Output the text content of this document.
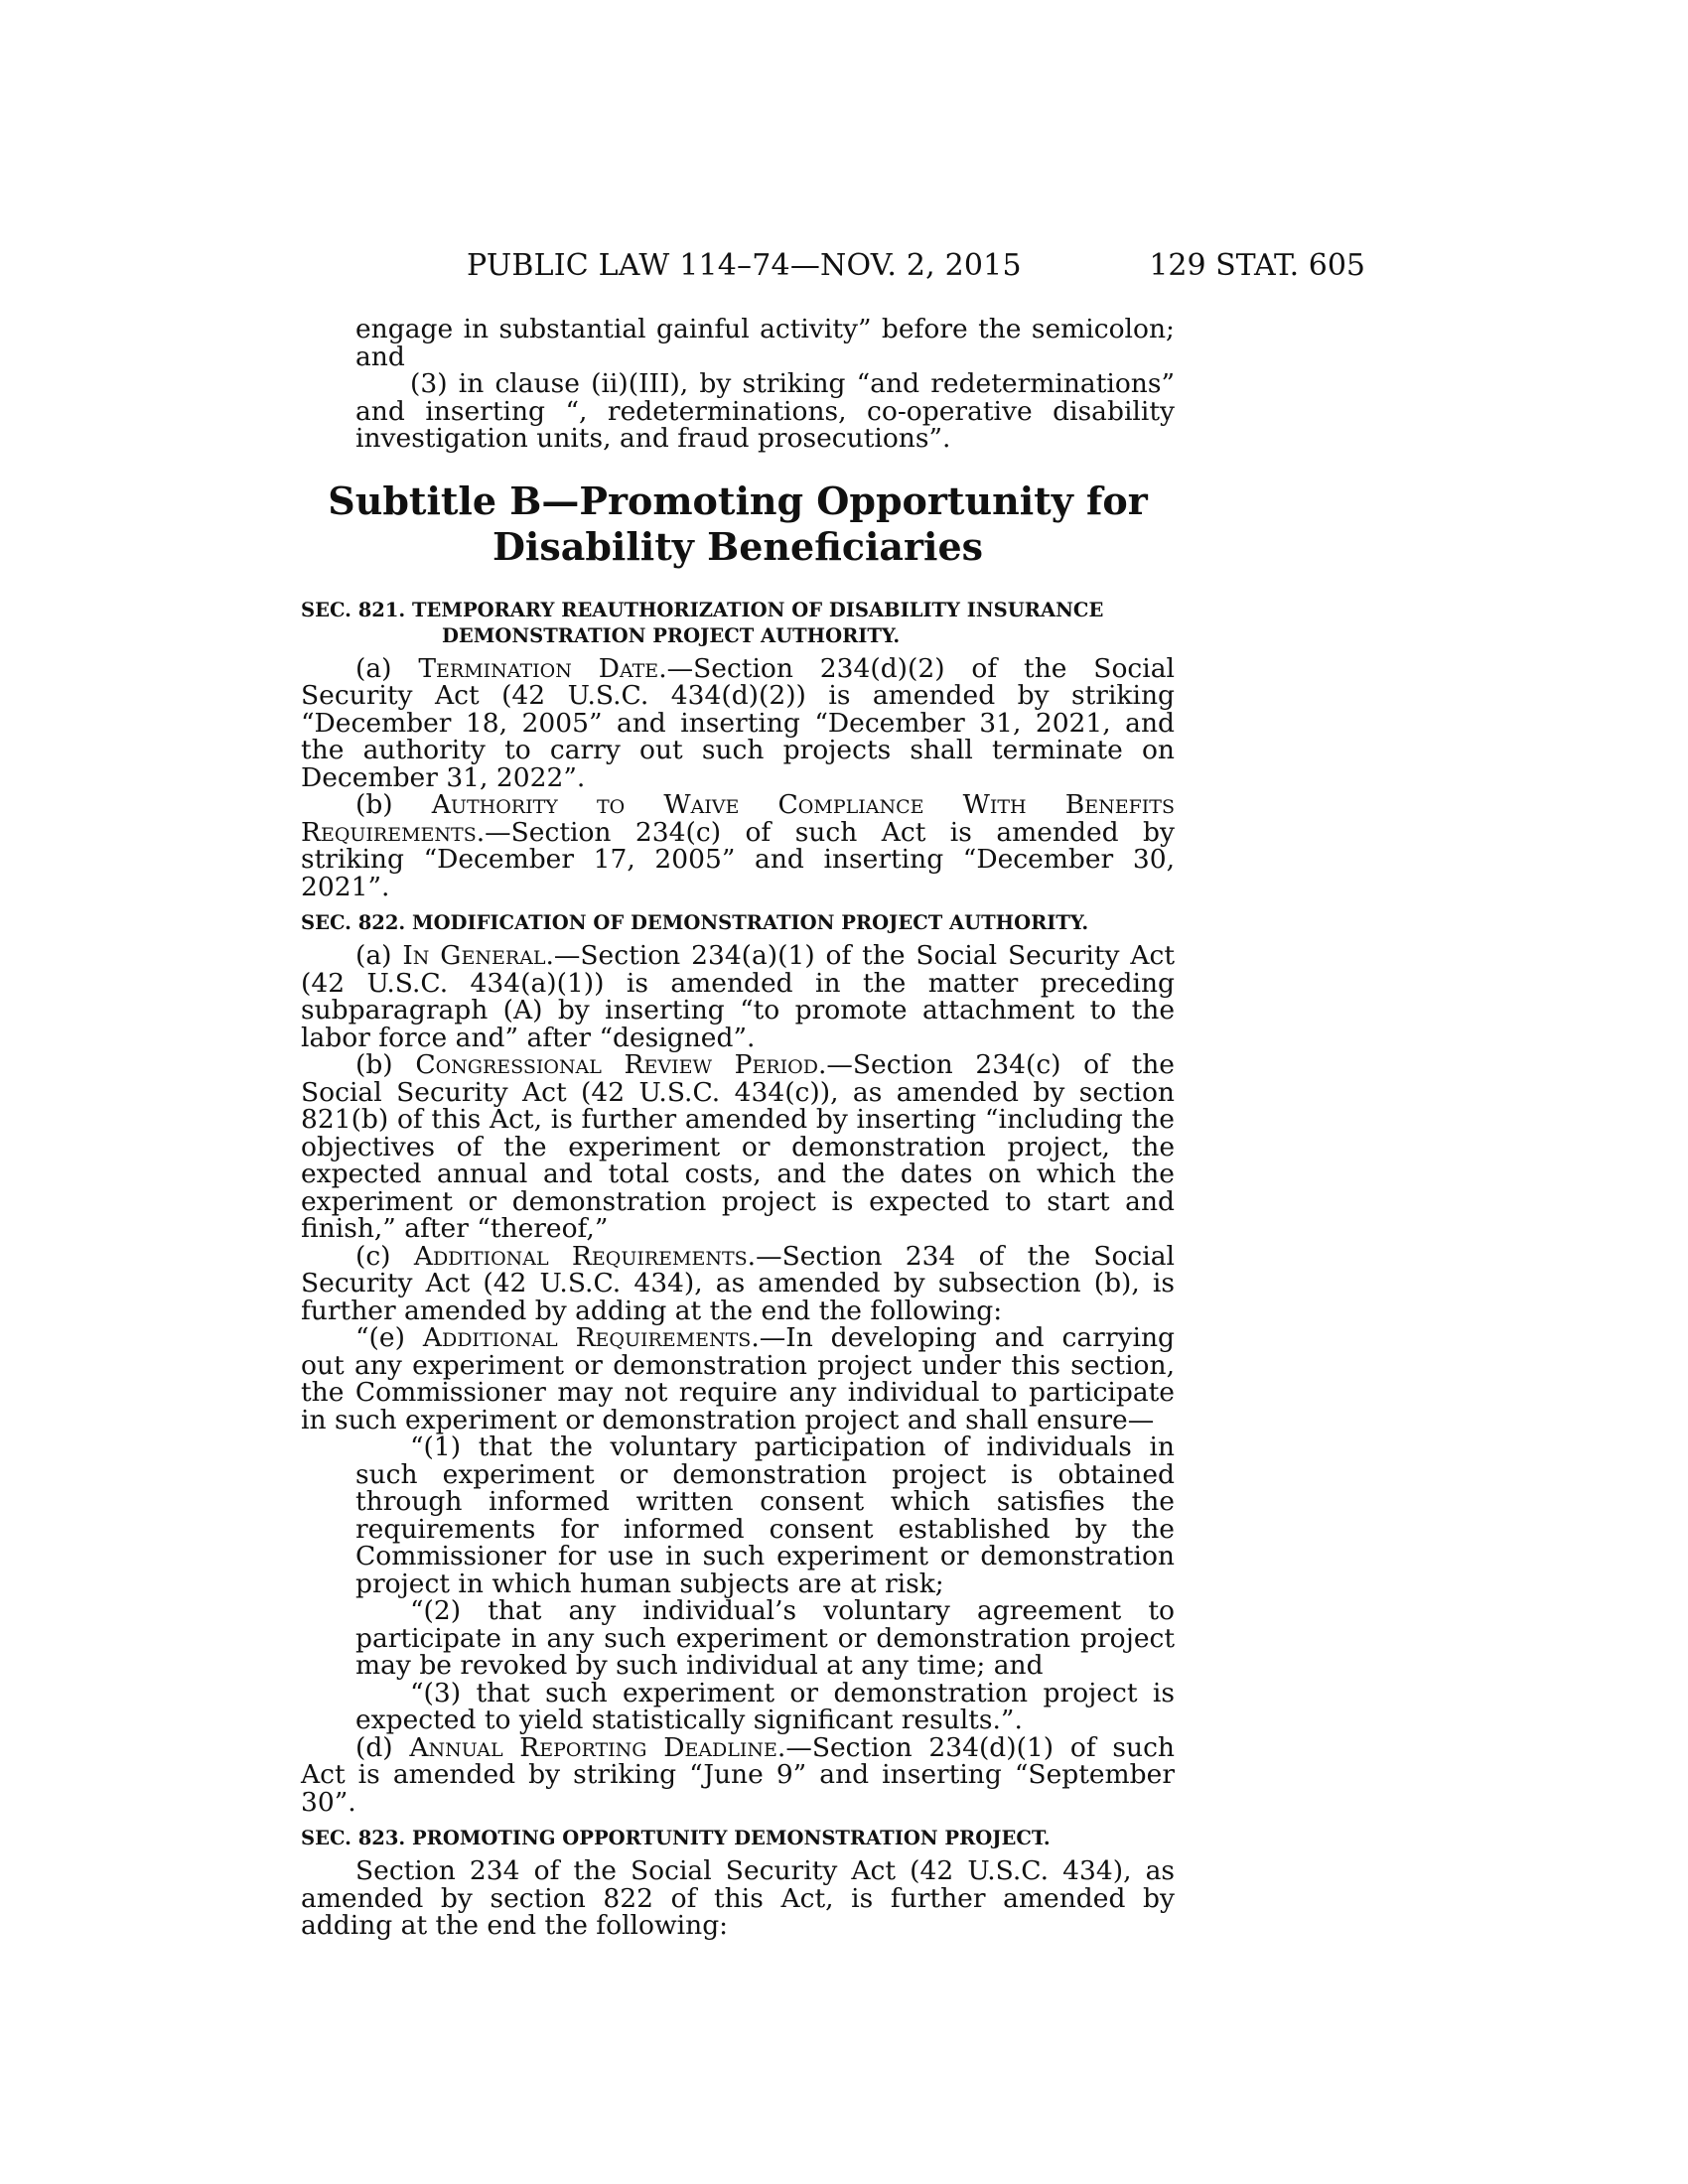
PUBLIC LAW 114–74—NOV. 2, 2015	129 STAT. 605

engage in substantial gainful activity” before the semicolon; and

(3) in clause (ii)(III), by striking “and redeterminations” and inserting “, redeterminations, co-operative disability investigation units, and fraud prosecutions”.

Subtitle B—Promoting Opportunity for
Disability Beneficiaries
SEC. 821. TEMPORARY REAUTHORIZATION OF DISABILITY INSURANCE
DEMONSTRATION PROJECT AUTHORITY.

(a) Termination Date.—Section 234(d)(2) of the Social Security Act (42 U.S.C. 434(d)(2)) is amended by striking “December 18, 2005” and inserting “December 31, 2021, and the authority to carry out such projects shall terminate on December 31, 2022”.

(b) Authority to Waive Compliance With Benefits Requirements.—Section 234(c) of such Act is amended by striking “December 17, 2005” and inserting “December 30, 2021”.

SEC. 822. MODIFICATION OF DEMONSTRATION PROJECT AUTHORITY.

(a) In General.—Section 234(a)(1) of the Social Security Act (42 U.S.C. 434(a)(1)) is amended in the matter preceding subparagraph (A) by inserting “to promote attachment to the labor force and” after “designed”.

(b) Congressional Review Period.—Section 234(c) of the Social Security Act (42 U.S.C. 434(c)), as amended by section 821(b) of this Act, is further amended by inserting “including the objectives of the experiment or demonstration project, the expected annual and total costs, and the dates on which the experiment or demonstration project is expected to start and finish,” after “thereof,”

(c) Additional Requirements.—Section 234 of the Social Security Act (42 U.S.C. 434), as amended by subsection (b), is further amended by adding at the end the following:

“(e) Additional Requirements.—In developing and carrying out any experiment or demonstration project under this section, the Commissioner may not require any individual to participate in such experiment or demonstration project and shall ensure—

“(1) that the voluntary participation of individuals in such experiment or demonstration project is obtained through informed written consent which satisfies the requirements for informed consent established by the Commissioner for use in such experiment or demonstration project in which human subjects are at risk;

“(2) that any individual’s voluntary agreement to participate in any such experiment or demonstration project may be revoked by such individual at any time; and

“(3) that such experiment or demonstration project is expected to yield statistically significant results.”.

(d) Annual Reporting Deadline.—Section 234(d)(1) of such Act is amended by striking “June 9” and inserting “September 30”.

SEC. 823. PROMOTING OPPORTUNITY DEMONSTRATION PROJECT.

Section 234 of the Social Security Act (42 U.S.C. 434), as amended by section 822 of this Act, is further amended by adding at the end the following:
